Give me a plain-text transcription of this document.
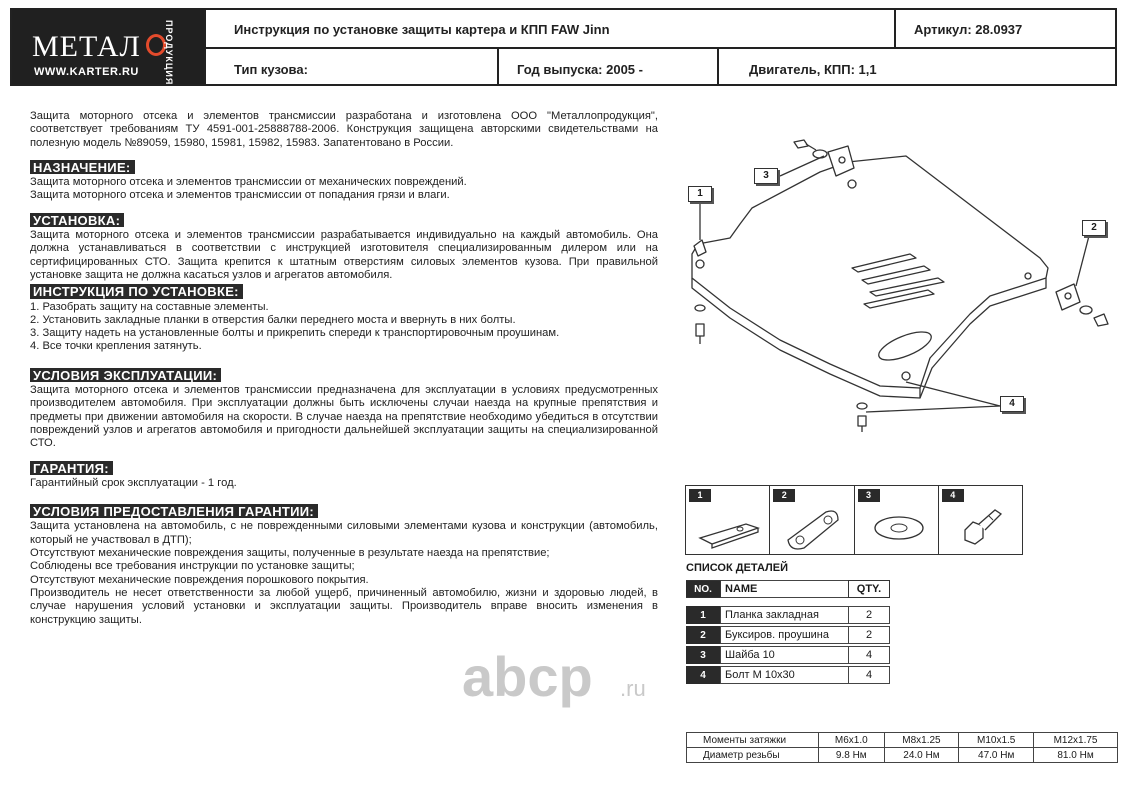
МЕТАЛ	ПРОДУКЦИЯ
WWW.KARTER.RU
Инструкция по установке защиты картера и КПП FAW Jinn	Артикул: 28.0937
Тип кузова:	Год выпуска: 2005 -	Двигатель, КПП: 1,1

Защита моторного отсека и элементов трансмиссии разработана и изготовлена ООО "Металлопродукция", соответствует требованиям ТУ 4591-001-25888788-2006. Конструкция защищена авторскими свидетельствами на полезную модель №89059, 15980, 15981, 15982, 15983. Запатентовано в России.

НАЗНАЧЕНИЕ:

Защита моторного отсека и элементов трансмиссии от механических повреждений.

Защита моторного отсека и элементов трансмиссии от попадания грязи и влаги.

УСТАНОВКА:

Защита моторного отсека и элементов трансмиссии разрабатывается индивидуально на каждый автомобиль. Она должна устанавливаться в соответствии с инструкцией изготовителя специализированным дилером или на сертифицированных СТО. Защита крепится к штатным отверстиям силовых элементов кузова. При правильной установке защита не должна касаться узлов и агрегатов автомобиля.

ИНСТРУКЦИЯ ПО УСТАНОВКЕ:

1. Разобрать защиту на составные элементы.

2. Установить закладные планки в отверстия балки переднего моста и ввернуть в них болты.

3. Защиту надеть на установленные болты и прикрепить спереди к транспортировочным проушинам.

4. Все точки крепления затянуть.

УСЛОВИЯ ЭКСПЛУАТАЦИИ:

Защита моторного отсека и элементов трансмиссии предназначена для эксплуатации в условиях предусмотренных производителем автомобиля. При эксплуатации должны быть исключены случаи наезда на крупные препятствия и предметы при движении автомобиля на скорости. В случае наезда на препятствие необходимо убедиться в отсутствии повреждений узлов и агрегатов автомобиля и пригодности дальнейшей эксплуатации защиты на специализированной СТО.

ГАРАНТИЯ:

Гарантийный срок эксплуатации - 1 год.

УСЛОВИЯ ПРЕДОСТАВЛЕНИЯ ГАРАНТИИ:

Защита установлена на автомобиль, с не поврежденными силовыми элементами кузова и конструкции (автомобиль, который не участвовал в ДТП);

Отсутствуют механические повреждения защиты, полученные в результате наезда на препятствие;

Соблюдены все требования инструкции по установке защиты;

Отсутствуют механические повреждения порошкового покрытия.

Производитель не несет ответственности за любой ущерб, причиненный автомобилю, жизни и здоровью людей, в случае нарушения условий установки и эксплуатации защиты. Производитель вправе вносить изменения в конструкцию защиты.

1
2
3
4
1	2	3	4
СПИСОК ДЕТАЛЕЙ
NO.	NAME	QTY.

1	Планка закладная	2
2	Буксиров. проушина	2
3	Шайба 10	4
4	Болт М 10х30	4
abcp .ru
Моменты затяжки	M6x1.0	M8x1.25	M10x1.5	M12x1.75
Диаметр резьбы	9.8 Нм	24.0 Нм	47.0 Нм	81.0 Нм
